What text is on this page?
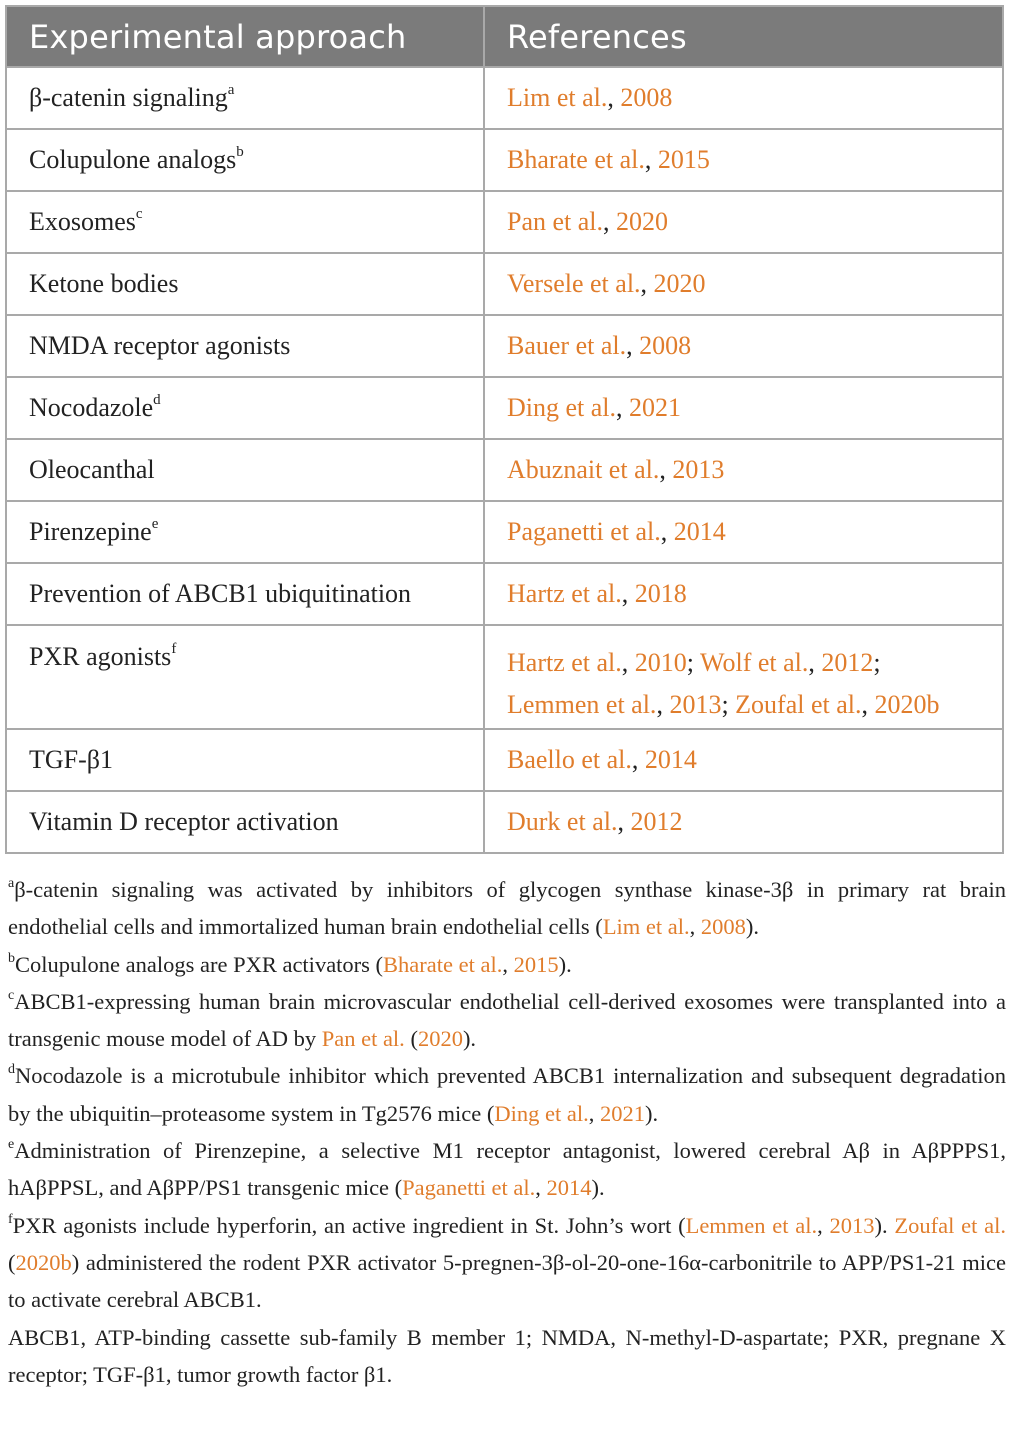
Experimental approach	References
β-catenin signaling$^a$	Lim et al., 2008
Colupulone analogs$^b$	Bharate et al., 2015
Exosomes$^c$	Pan et al., 2020
Ketone bodies	Versele et al., 2020
NMDA receptor agonists	Bauer et al., 2008
Nocodazole$^d$	Ding et al., 2021
Oleocanthal	Abuznait et al., 2013
Pirenzepine$^e$	Paganetti et al., 2014
Prevention of ABCB1 ubiquitination	Hartz et al., 2018
PXR agonists$^f$	Hartz et al., 2010; Wolf et al., 2012;
Lemmen et al., 2013; Zoufal et al., 2020b

TGF-β1	Baello et al., 2014
Vitamin D receptor activation	Durk et al., 2012

$^a$β-catenin signaling was activated by inhibitors of glycogen synthase kinase-3β in primary rat brain endothelial cells and immortalized human brain endothelial cells (Lim et al., 2008).

$^b$Colupulone analogs are PXR activators (Bharate et al., 2015).

$^c$ABCB1-expressing human brain microvascular endothelial cell-derived exosomes were transplanted into a transgenic mouse model of AD by Pan et al. (2020).

$^d$Nocodazole is a microtubule inhibitor which prevented ABCB1 internalization and subsequent degradation by the ubiquitin–proteasome system in Tg2576 mice (Ding et al., 2021).

$^e$Administration of Pirenzepine, a selective M1 receptor antagonist, lowered cerebral Aβ in AβPPPS1, hAβPPSL, and AβPP/PS1 transgenic mice (Paganetti et al., 2014).

$^f$PXR agonists include hyperforin, an active ingredient in St. John’s wort (Lemmen et al., 2013). Zoufal et al. (2020b) administered the rodent PXR activator 5-pregnen-3β-ol-20-one-16α-carbonitrile to APP/PS1-21 mice to activate cerebral ABCB1.

ABCB1, ATP-binding cassette sub-family B member 1; NMDA, N-methyl-D-aspartate; PXR, pregnane X receptor; TGF-β1, tumor growth factor β1.
